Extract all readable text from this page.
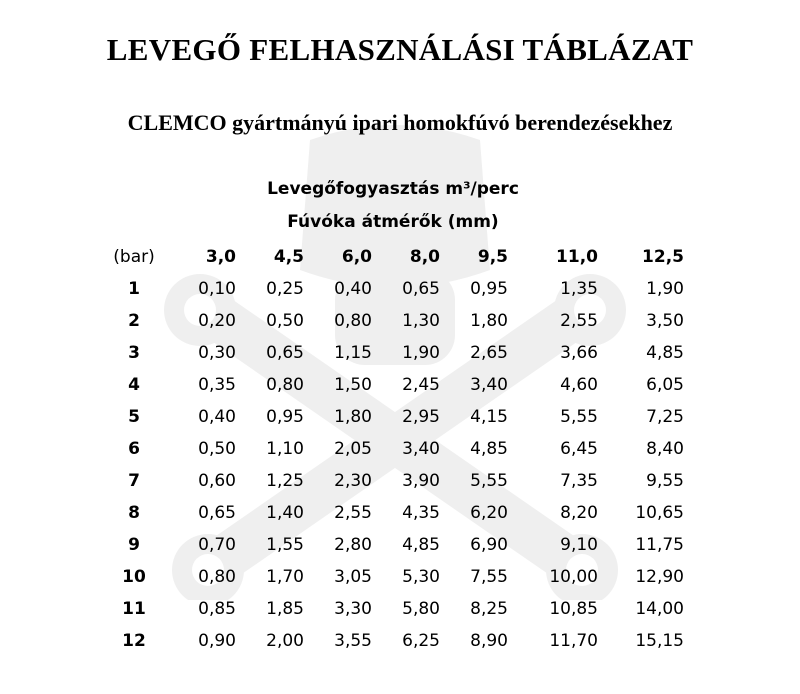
LEVEGŐ FELHASZNÁLÁSI TÁBLÁZAT
CLEMCO gyártmányú ipari homokfúvó berendezésekhez
Levegőfogyasztás m³/perc
Fúvóka átmérők (mm)
(bar)	3,0	4,5	6,0	8,0	9,5	11,0	12,5
1	0,10	0,25	0,40	0,65	0,95	1,35	1,90
2	0,20	0,50	0,80	1,30	1,80	2,55	3,50
3	0,30	0,65	1,15	1,90	2,65	3,66	4,85
4	0,35	0,80	1,50	2,45	3,40	4,60	6,05
5	0,40	0,95	1,80	2,95	4,15	5,55	7,25
6	0,50	1,10	2,05	3,40	4,85	6,45	8,40
7	0,60	1,25	2,30	3,90	5,55	7,35	9,55
8	0,65	1,40	2,55	4,35	6,20	8,20	10,65
9	0,70	1,55	2,80	4,85	6,90	9,10	11,75
10	0,80	1,70	3,05	5,30	7,55	10,00	12,90
11	0,85	1,85	3,30	5,80	8,25	10,85	14,00
12	0,90	2,00	3,55	6,25	8,90	11,70	15,15
